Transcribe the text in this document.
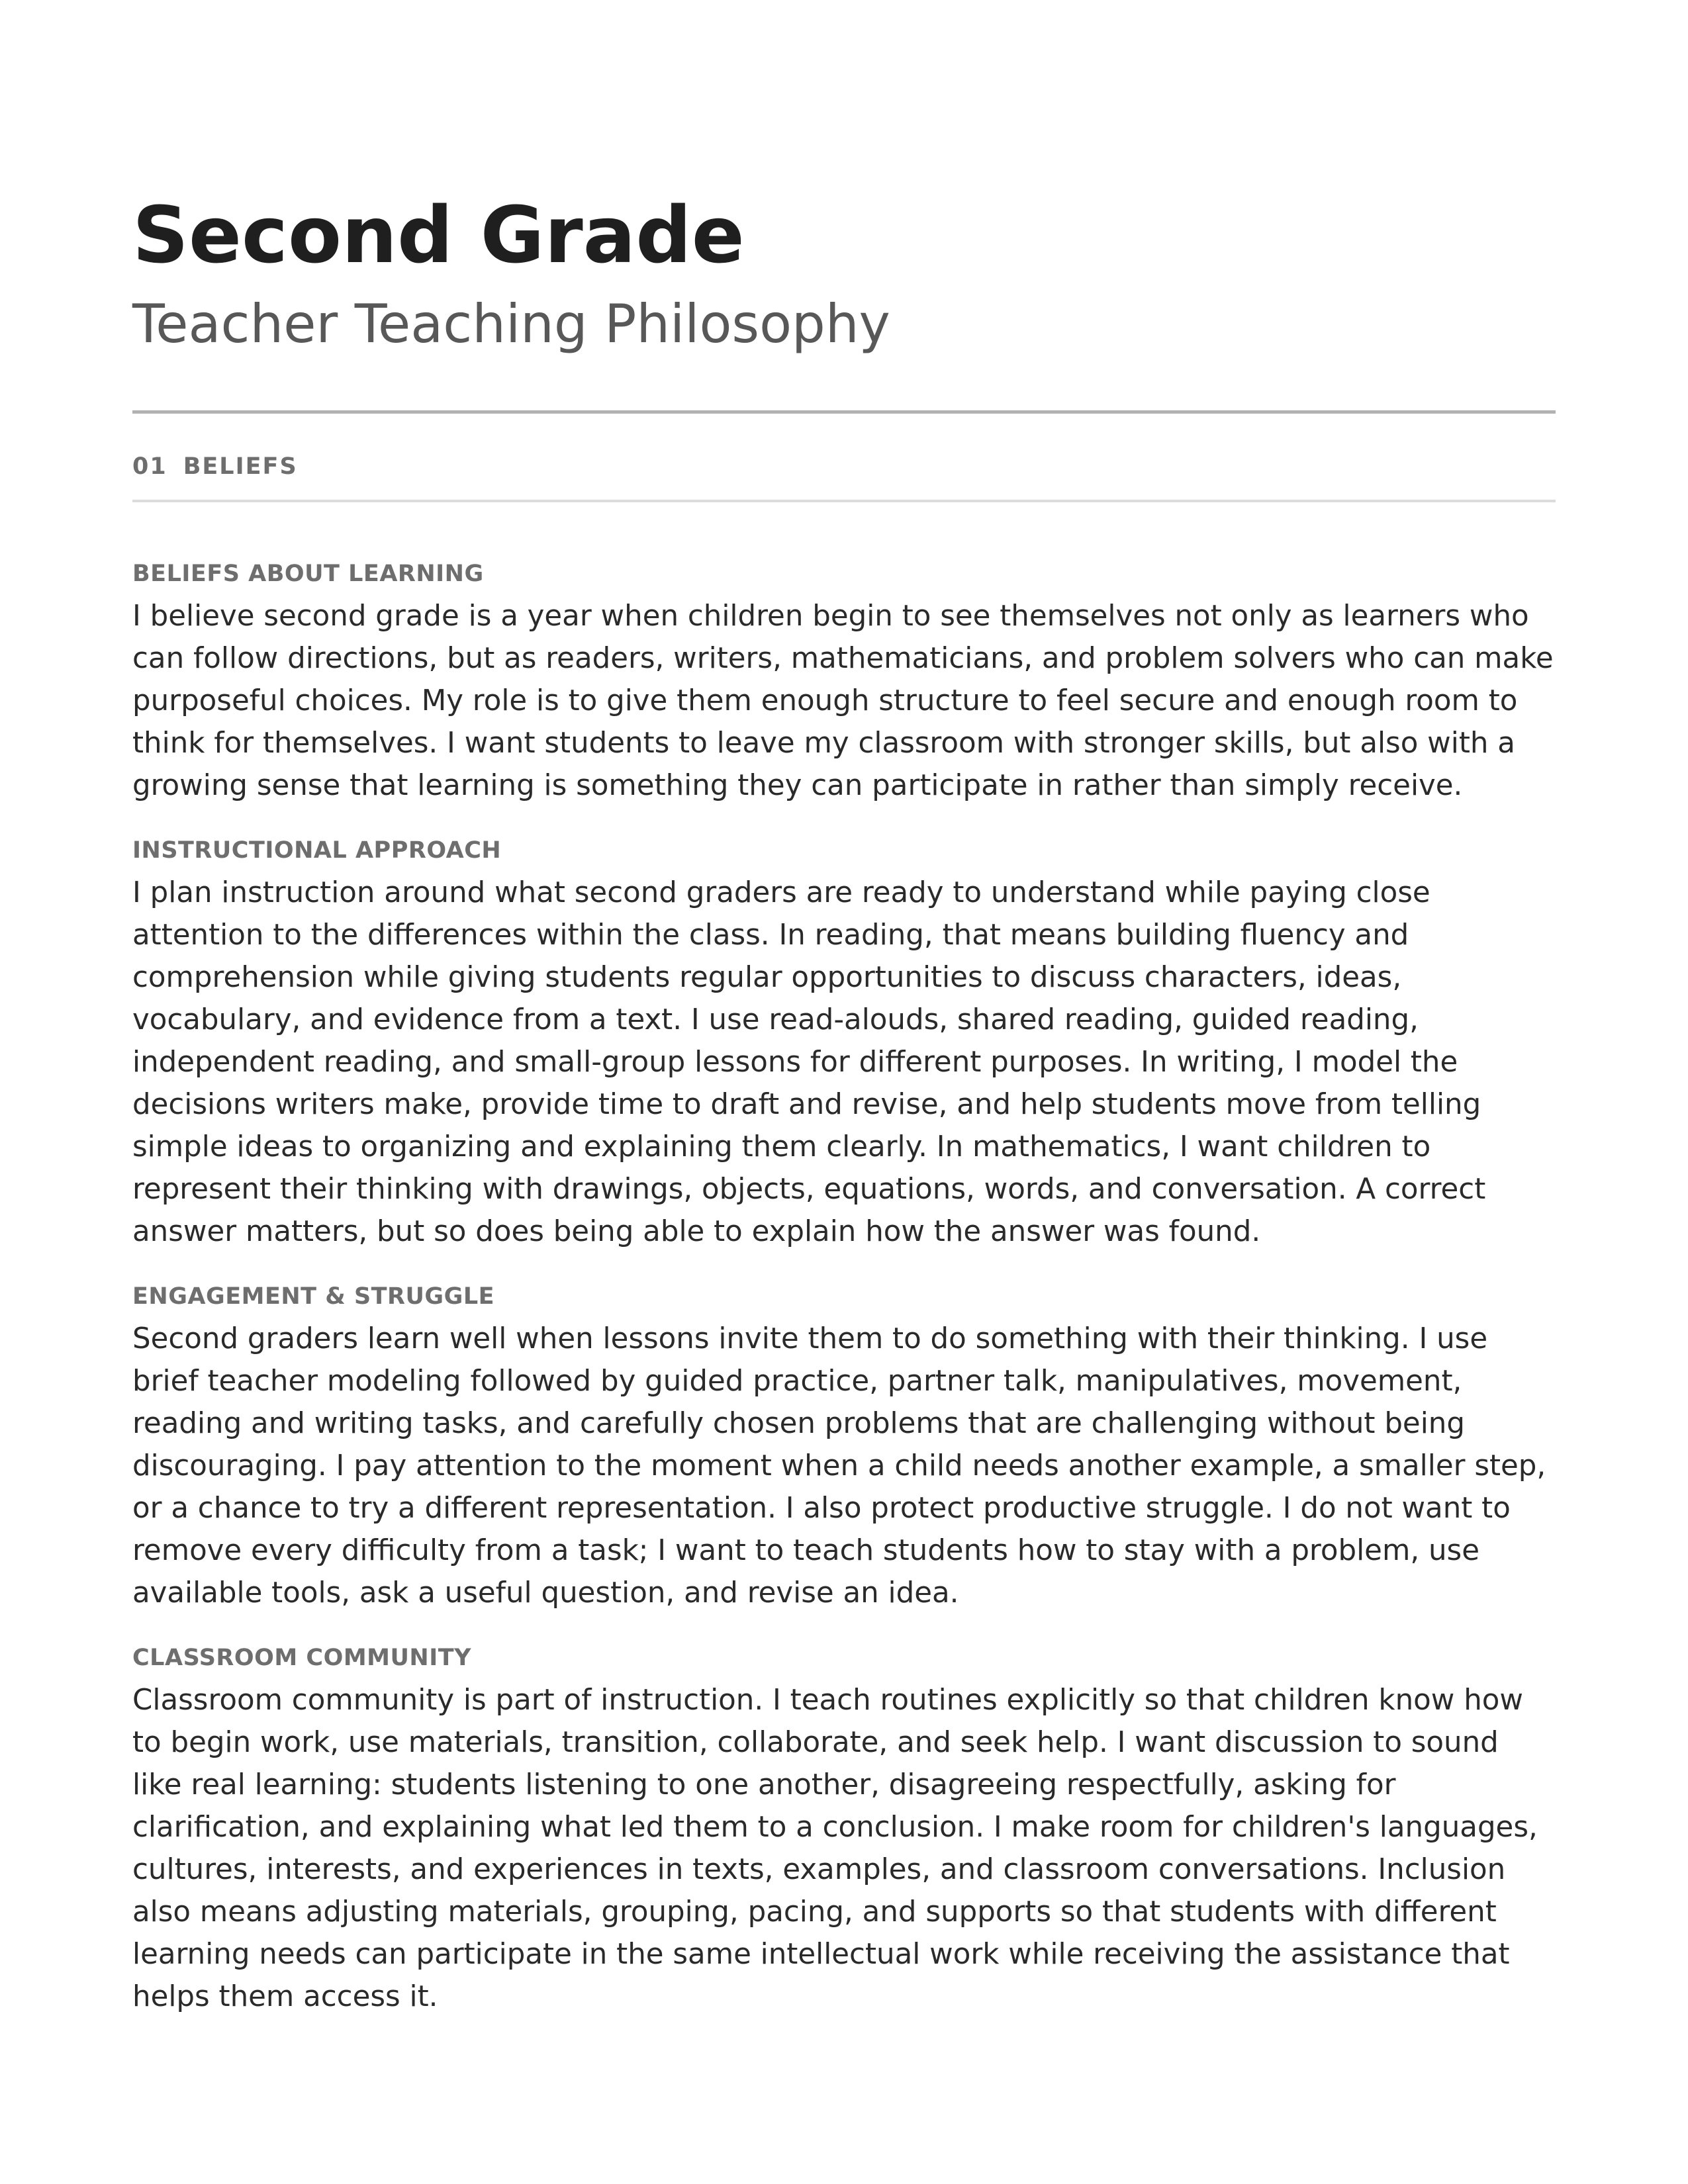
Second Grade
Teacher Teaching Philosophy
01 BELIEFS
BELIEFS ABOUT LEARNING

I believe second grade is a year when children begin to see themselves not only as learners who can follow directions, but as readers, writers, mathematicians, and problem solvers who can make purposeful choices. My role is to give them enough structure to feel secure and enough room to think for themselves. I want students to leave my classroom with stronger skills, but also with a growing sense that learning is something they can participate in rather than simply receive.

INSTRUCTIONAL APPROACH

I plan instruction around what second graders are ready to understand while paying close attention to the differences within the class. In reading, that means building fluency and comprehension while giving students regular opportunities to discuss characters, ideas, vocabulary, and evidence from a text. I use read-alouds, shared reading, guided reading, independent reading, and small-group lessons for different purposes. In writing, I model the decisions writers make, provide time to draft and revise, and help students move from telling simple ideas to organizing and explaining them clearly. In mathematics, I want children to represent their thinking with drawings, objects, equations, words, and conversation. A correct answer matters, but so does being able to explain how the answer was found.

ENGAGEMENT & STRUGGLE

Second graders learn well when lessons invite them to do something with their thinking. I use brief teacher modeling followed by guided practice, partner talk, manipulatives, movement, reading and writing tasks, and carefully chosen problems that are challenging without being discouraging. I pay attention to the moment when a child needs another example, a smaller step, or a chance to try a different representation. I also protect productive struggle. I do not want to remove every difficulty from a task; I want to teach students how to stay with a problem, use available tools, ask a useful question, and revise an idea.

CLASSROOM COMMUNITY

Classroom community is part of instruction. I teach routines explicitly so that children know how to begin work, use materials, transition, collaborate, and seek help. I want discussion to sound like real learning: students listening to one another, disagreeing respectfully, asking for clarification, and explaining what led them to a conclusion. I make room for children's languages, cultures, interests, and experiences in texts, examples, and classroom conversations. Inclusion also means adjusting materials, grouping, pacing, and supports so that students with different learning needs can participate in the same intellectual work while receiving the assistance that helps them access it.
